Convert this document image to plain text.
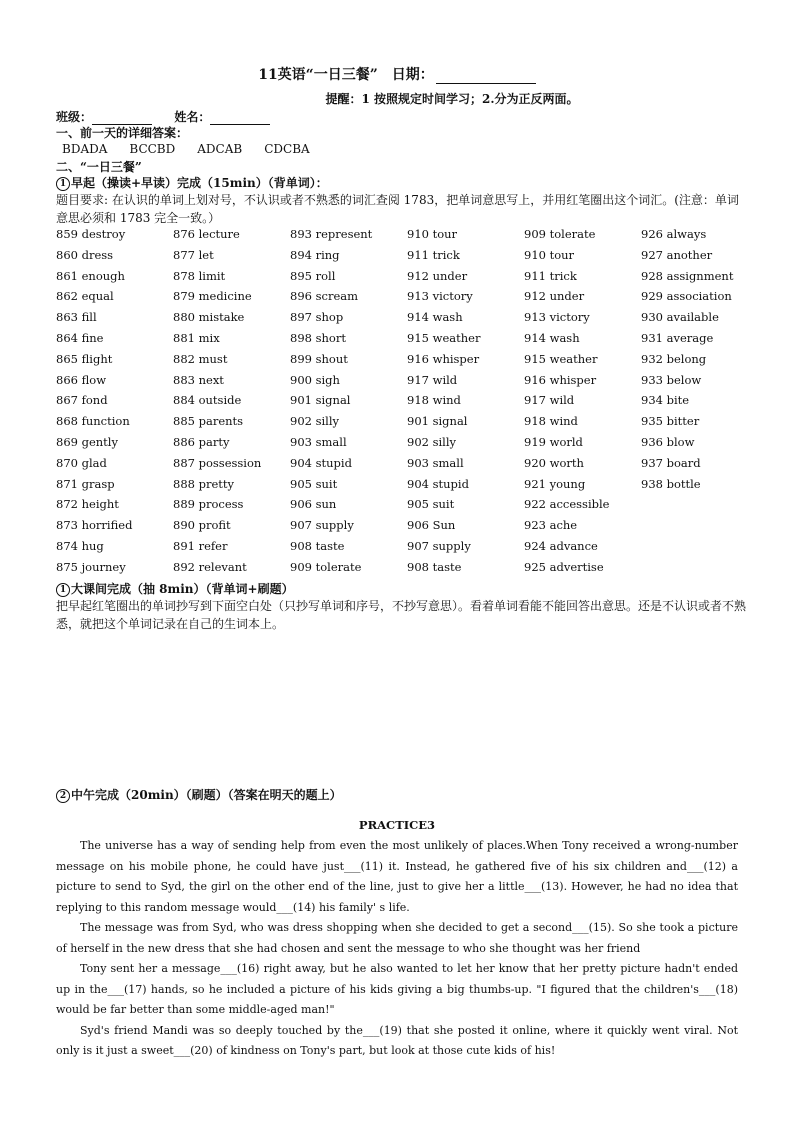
11英语“一日三餐”　日期：
提醒：1 按照规定时间学习；2.分为正反两面。
班级：	姓名：
一、前一天的详细答案：
BDADA BCCBD ADCAB CDCBA
二、“一日三餐”
1 早起（操读+早读）完成（15min）（背单词）：
题目要求: 在认识的单词上划对号，不认识或者不熟悉的词汇查阅 1783，把单词意思写上，并用红笔圈出这个词汇。(注意：单词意思必须和 1783 完全一致。）
859 destroy	876 lecture	893 represent	910 tour	909 tolerate	926 always
860 dress	877 let	894 ring	911 trick	910 tour	927 another
861 enough	878 limit	895 roll	912 under	911 trick	928 assignment
862 equal	879 medicine	896 scream	913 victory	912 under	929 association
863 fill	880 mistake	897 shop	914 wash	913 victory	930 available
864 fine	881 mix	898 short	915 weather	914 wash	931 average
865 flight	882 must	899 shout	916 whisper	915 weather	932 belong
866 flow	883 next	900 sigh	917 wild	916 whisper	933 below
867 fond	884 outside	901 signal	918 wind	917 wild	934 bite
868 function	885 parents	902 silly	901 signal	918 wind	935 bitter
869 gently	886 party	903 small	902 silly	919 world	936 blow
870 glad	887 possession	904 stupid	903 small	920 worth	937 board
871 grasp	888 pretty	905 suit	904 stupid	921 young	938 bottle
872 height	889 process	906 sun	905 suit	922 accessible
873 horrified	890 profit	907 supply	906 Sun	923 ache
874 hug	891 refer	908 taste	907 supply	924 advance
875 journey	892 relevant	909 tolerate	908 taste	925 advertise
1 大课间完成（抽 8min）（背单词+刷题）
把早起红笔圈出的单词抄写到下面空白处（只抄写单词和序号，不抄写意思）。看着单词看能不能回答出意思。还是不认识或者不熟悉，就把这个单词记录在自己的生词本上。
2 中午完成（20min）（刷题）（答案在明天的题上）
PRACTICE3

The universe has a way of sending help from even the most unlikely of places.When Tony received a wrong-number message on his mobile phone, he could have just___(11) it. Instead, he gathered five of his six children and___(12) a picture to send to Syd, the girl on the other end of the line, just to give her a little___(13). However, he had no idea that replying to this random message would___(14) his family' s life.

The message was from Syd, who was dress shopping when she decided to get a second___(15). So she took a picture of herself in the new dress that she had chosen and sent the message to who she thought was her friend

Tony sent her a message___(16) right away, but he also wanted to let her know that her pretty picture hadn't ended up in the___(17) hands, so he included a picture of his kids giving a big thumbs-up. "I figured that the children's___(18) would be far better than some middle-aged man!"

Syd's friend Mandi was so deeply touched by the___(19) that she posted it online, where it quickly went viral. Not only is it just a sweet___(20) of kindness on Tony's part, but look at those cute kids of his!
